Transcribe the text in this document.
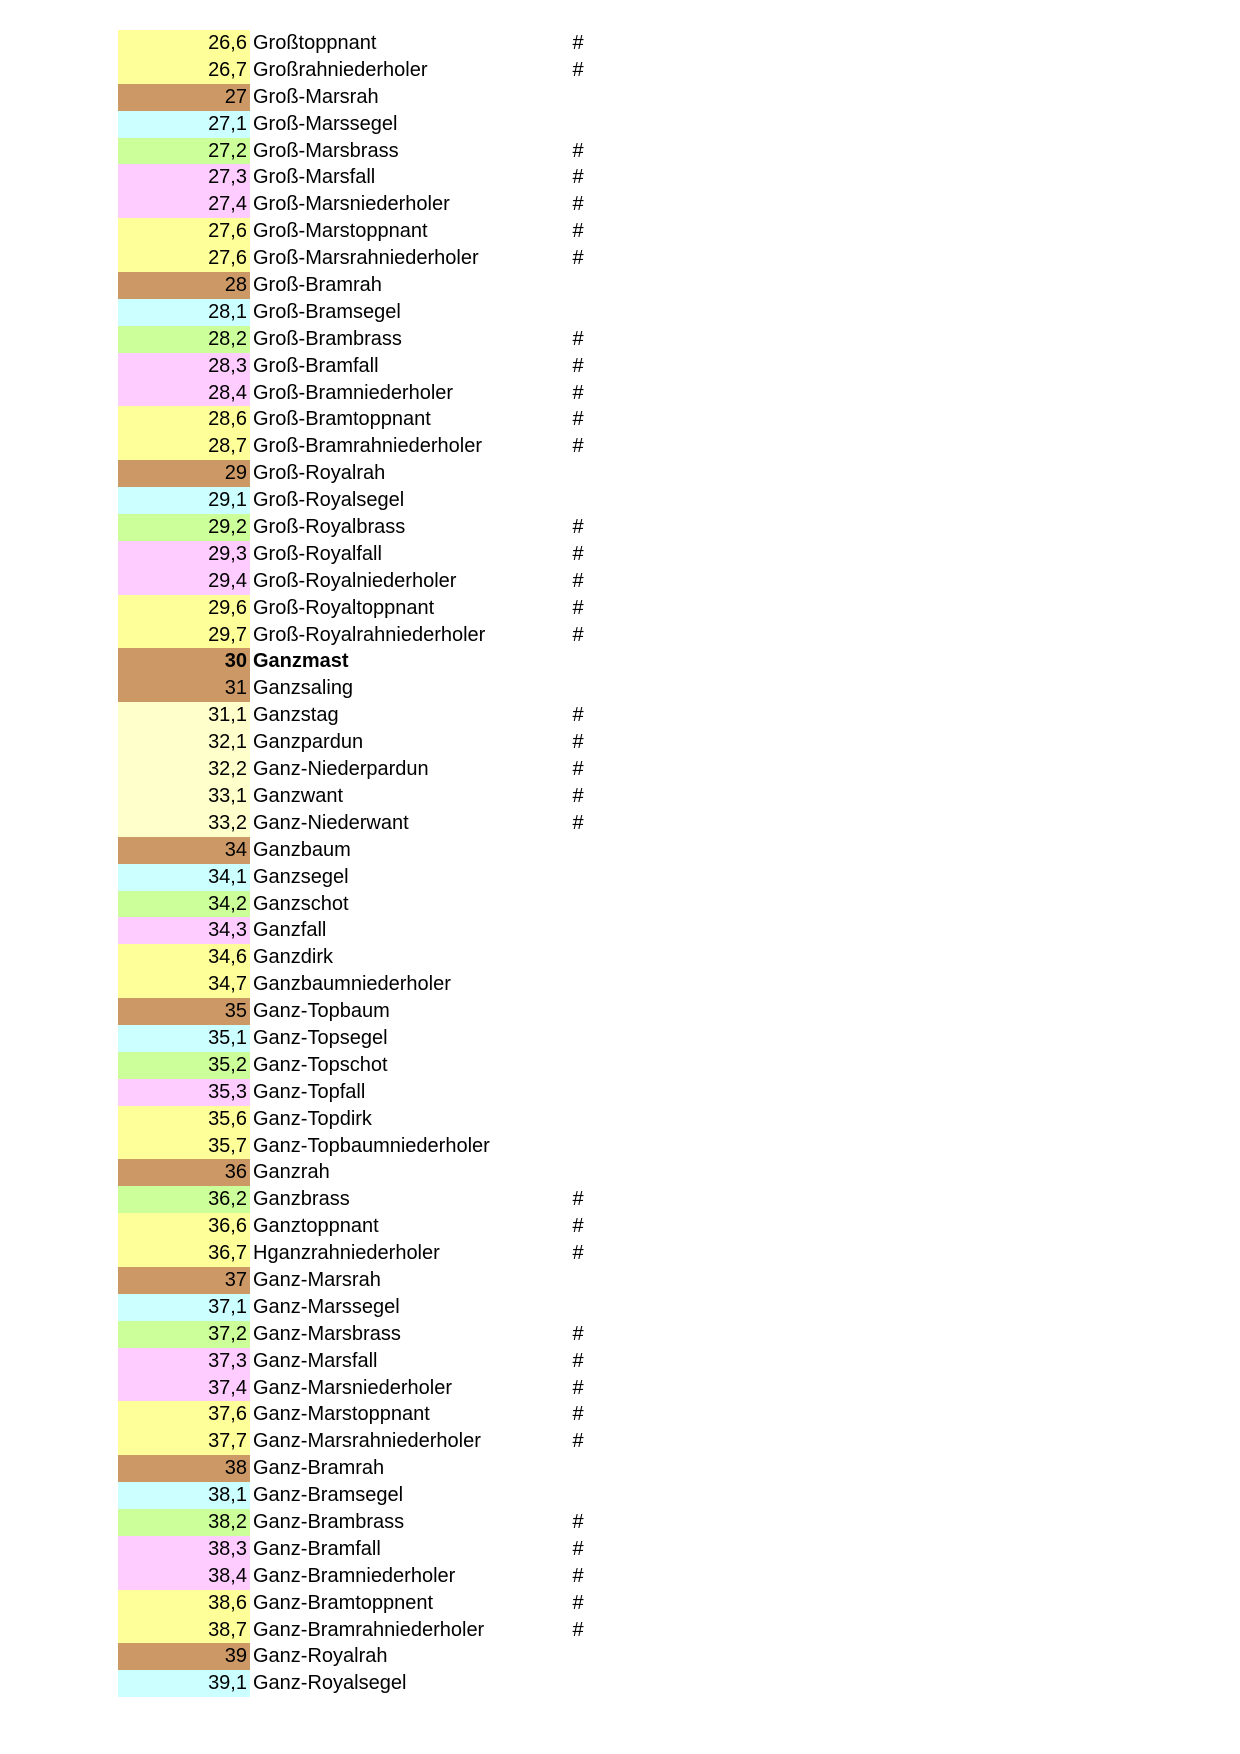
26,6 Großtoppnant	#
26,7 Großrahniederholer	#
27 Groß-Marsrah
27,1 Groß-Marssegel
27,2 Groß-Marsbrass	#
27,3 Groß-Marsfall	#
27,4 Groß-Marsniederholer	#
27,6 Groß-Marstoppnant	#
27,6 Groß-Marsrahniederholer	#
28 Groß-Bramrah
28,1 Groß-Bramsegel
28,2 Groß-Brambrass	#
28,3 Groß-Bramfall	#
28,4 Groß-Bramniederholer	#
28,6 Groß-Bramtoppnant	#
28,7 Groß-Bramrahniederholer	#
29 Groß-Royalrah
29,1 Groß-Royalsegel
29,2 Groß-Royalbrass	#
29,3 Groß-Royalfall	#
29,4 Groß-Royalniederholer	#
29,6 Groß-Royaltoppnant	#
29,7 Groß-Royalrahniederholer	#
30 Ganzmast
31 Ganzsaling
31,1 Ganzstag	#
32,1 Ganzpardun	#
32,2 Ganz-Niederpardun	#
33,1 Ganzwant	#
33,2 Ganz-Niederwant	#
34 Ganzbaum
34,1 Ganzsegel
34,2 Ganzschot
34,3 Ganzfall
34,6 Ganzdirk
34,7 Ganzbaumniederholer
35 Ganz-Topbaum
35,1 Ganz-Topsegel
35,2 Ganz-Topschot
35,3 Ganz-Topfall
35,6 Ganz-Topdirk
35,7 Ganz-Topbaumniederholer
36 Ganzrah
36,2 Ganzbrass	#
36,6 Ganztoppnant	#
36,7 Hganzrahniederholer	#
37 Ganz-Marsrah
37,1 Ganz-Marssegel
37,2 Ganz-Marsbrass	#
37,3 Ganz-Marsfall	#
37,4 Ganz-Marsniederholer	#
37,6 Ganz-Marstoppnant	#
37,7 Ganz-Marsrahniederholer	#
38 Ganz-Bramrah
38,1 Ganz-Bramsegel
38,2 Ganz-Brambrass	#
38,3 Ganz-Bramfall	#
38,4 Ganz-Bramniederholer	#
38,6 Ganz-Bramtoppnent	#
38,7 Ganz-Bramrahniederholer	#
39 Ganz-Royalrah
39,1 Ganz-Royalsegel
